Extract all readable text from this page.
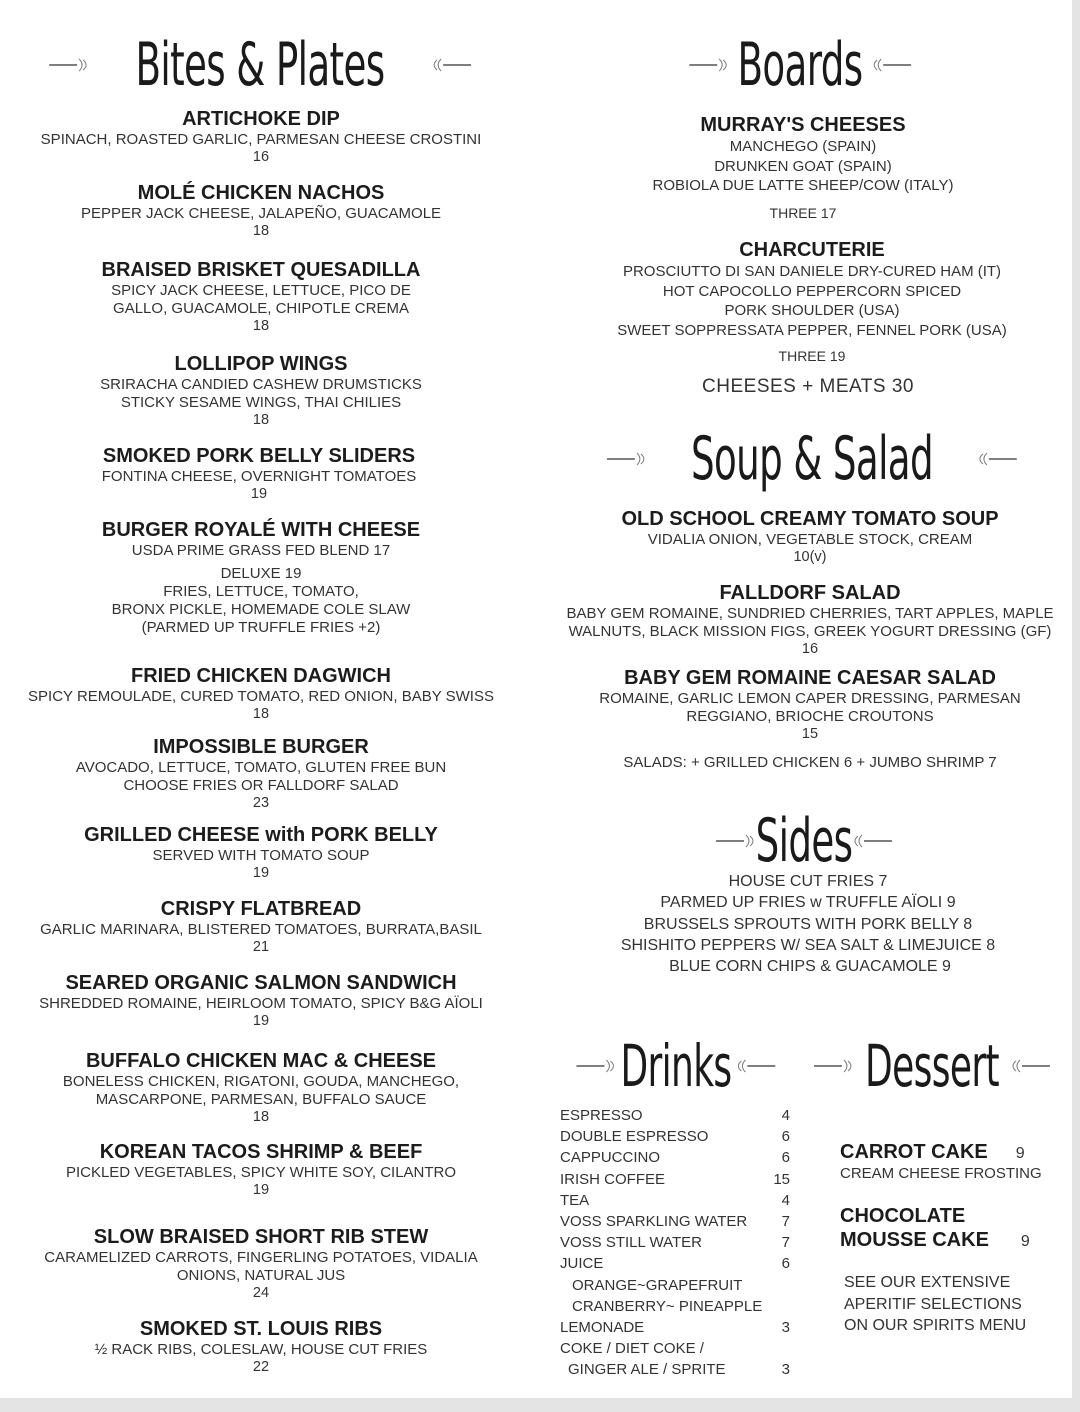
Bites & Plates	Boards
Soup & Salad
Sides
Drinks Dessert
ARTICHOKE DIP
SPINACH, ROASTED GARLIC, PARMESAN CHEESE CROSTINI
16
MOLÉ CHICKEN NACHOS
PEPPER JACK CHEESE, JALAPEÑO, GUACAMOLE
18
BRAISED BRISKET QUESADILLA
SPICY JACK CHEESE, LETTUCE, PICO DE
GALLO, GUACAMOLE, CHIPOTLE CREMA
18
LOLLIPOP WINGS
SRIRACHA CANDIED CASHEW DRUMSTICKS
STICKY SESAME WINGS, THAI CHILIES
18
SMOKED PORK BELLY SLIDERS
FONTINA CHEESE, OVERNIGHT TOMATOES
19
BURGER ROYALÉ WITH CHEESE
USDA PRIME GRASS FED BLEND 17
DELUXE 19
FRIES, LETTUCE, TOMATO,
BRONX PICKLE, HOMEMADE COLE SLAW
(PARMED UP TRUFFLE FRIES +2)
FRIED CHICKEN DAGWICH
SPICY REMOULADE, CURED TOMATO, RED ONION, BABY SWISS
18
IMPOSSIBLE BURGER
AVOCADO, LETTUCE, TOMATO, GLUTEN FREE BUN
CHOOSE FRIES OR FALLDORF SALAD
23
GRILLED CHEESE with PORK BELLY
SERVED WITH TOMATO SOUP
19
CRISPY FLATBREAD
GARLIC MARINARA, BLISTERED TOMATOES, BURRATA,BASIL
21
SEARED ORGANIC SALMON SANDWICH
SHREDDED ROMAINE, HEIRLOOM TOMATO, SPICY B&G AÏOLI
19
BUFFALO CHICKEN MAC & CHEESE
BONELESS CHICKEN, RIGATONI, GOUDA, MANCHEGO,
MASCARPONE, PARMESAN, BUFFALO SAUCE
18
KOREAN TACOS SHRIMP & BEEF
PICKLED VEGETABLES, SPICY WHITE SOY, CILANTRO
19
SLOW BRAISED SHORT RIB STEW
CARAMELIZED CARROTS, FINGERLING POTATOES, VIDALIA
ONIONS, NATURAL JUS
24
SMOKED ST. LOUIS RIBS
½ RACK RIBS, COLESLAW, HOUSE CUT FRIES
22
MURRAY'S CHEESES
MANCHEGO (SPAIN)
DRUNKEN GOAT (SPAIN)
ROBIOLA DUE LATTE SHEEP/COW (ITALY)
THREE 17
CHARCUTERIE
PROSCIUTTO DI SAN DANIELE DRY-CURED HAM (IT)
HOT CAPOCOLLO PEPPERCORN SPICED
PORK SHOULDER (USA)
SWEET SOPPRESSATA PEPPER, FENNEL PORK (USA)
THREE 19
CHEESES + MEATS 30
OLD SCHOOL CREAMY TOMATO SOUP
VIDALIA ONION, VEGETABLE STOCK, CREAM
10(v)
FALLDORF SALAD
BABY GEM ROMAINE, SUNDRIED CHERRIES, TART APPLES, MAPLE
WALNUTS, BLACK MISSION FIGS, GREEK YOGURT DRESSING (GF)
16
BABY GEM ROMAINE CAESAR SALAD
ROMAINE, GARLIC LEMON CAPER DRESSING, PARMESAN
REGGIANO, BRIOCHE CROUTONS
15
SALADS: + GRILLED CHICKEN 6 + JUMBO SHRIMP 7
HOUSE CUT FRIES 7
PARMED UP FRIES w TRUFFLE AÏOLI 9
BRUSSELS SPROUTS WITH PORK BELLY 8
SHISHITO PEPPERS W/ SEA SALT & LIMEJUICE 8
BLUE CORN CHIPS & GUACAMOLE 9
ESPRESSO	4
DOUBLE ESPRESSO	6
CAPPUCCINO	6
IRISH COFFEE	15
TEA	4
VOSS SPARKLING WATER	7
VOSS STILL WATER	7
JUICE	6
ORANGE~GRAPEFRUIT
CRANBERRY~ PINEAPPLE
LEMONADE	3
COKE / DIET COKE /
GINGER ALE / SPRITE	3
CARROT CAKE 9
CREAM CHEESE FROSTING
CHOCOLATE
MOUSSE CAKE 9
SEE OUR EXTENSIVE
APERITIF SELECTIONS
ON OUR SPIRITS MENU
